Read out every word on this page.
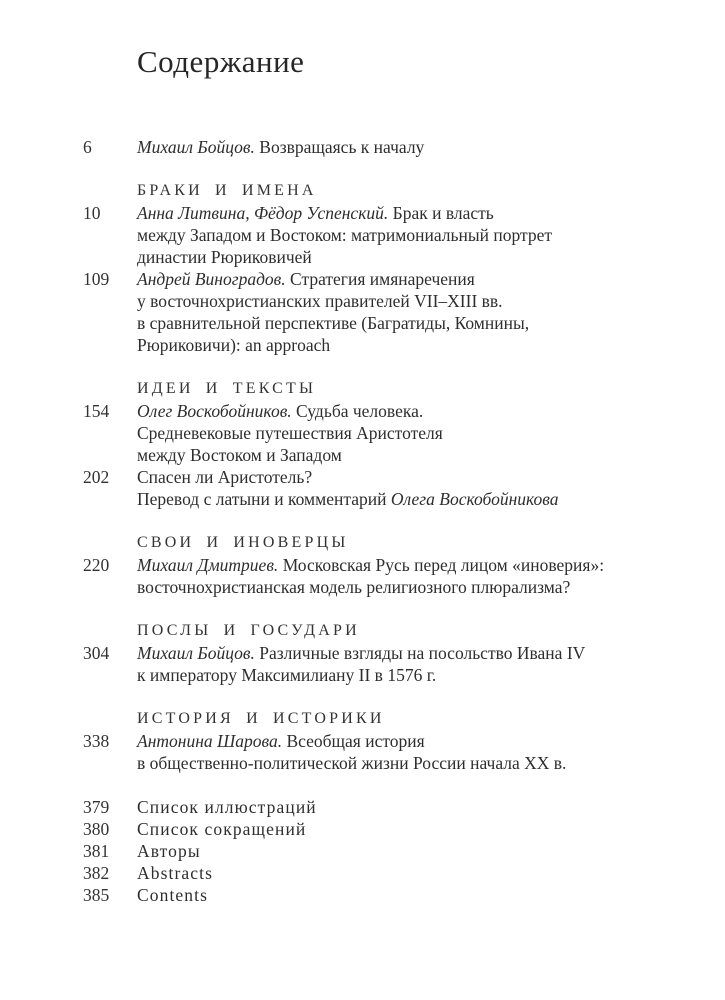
Содержание
6	Михаил Бойцов. Возвращаясь к началу
БРАКИ И ИМЕНА
10	Анна Литвина, Фёдор Успенский. Брак и власть
между Западом и Востоком: матримониальный портрет
династии Рюриковичей
109	Андрей Виноградов. Стратегия имянаречения
у восточнохристианских правителей VII–XIII вв.
в сравнительной перспективе (Багратиды, Комнины,
Рюриковичи): an approach
ИДЕИ И ТЕКСТЫ
154	Олег Воскобойников. Судьба человека.
Средневековые путешествия Аристотеля
между Востоком и Западом
202	Спасен ли Аристотель?
Перевод с латыни и комментарий Олега Воскобойникова
СВОИ И ИНОВЕРЦЫ
220	Михаил Дмитриев. Московская Русь перед лицом «иноверия»:
восточнохристианская модель религиозного плюрализма?
ПОСЛЫ И ГОСУДАРИ
304	Михаил Бойцов. Различные взгляды на посольство Ивана IV
к императору Максимилиану II в 1576 г.
ИСТОРИЯ И ИСТОРИКИ
338	Антонина Шарова. Всеобщая история
в общественно-политической жизни России начала XX в.
379	Список иллюстраций
380	Список сокращений
381	Авторы
382	Abstracts
385	Contents
